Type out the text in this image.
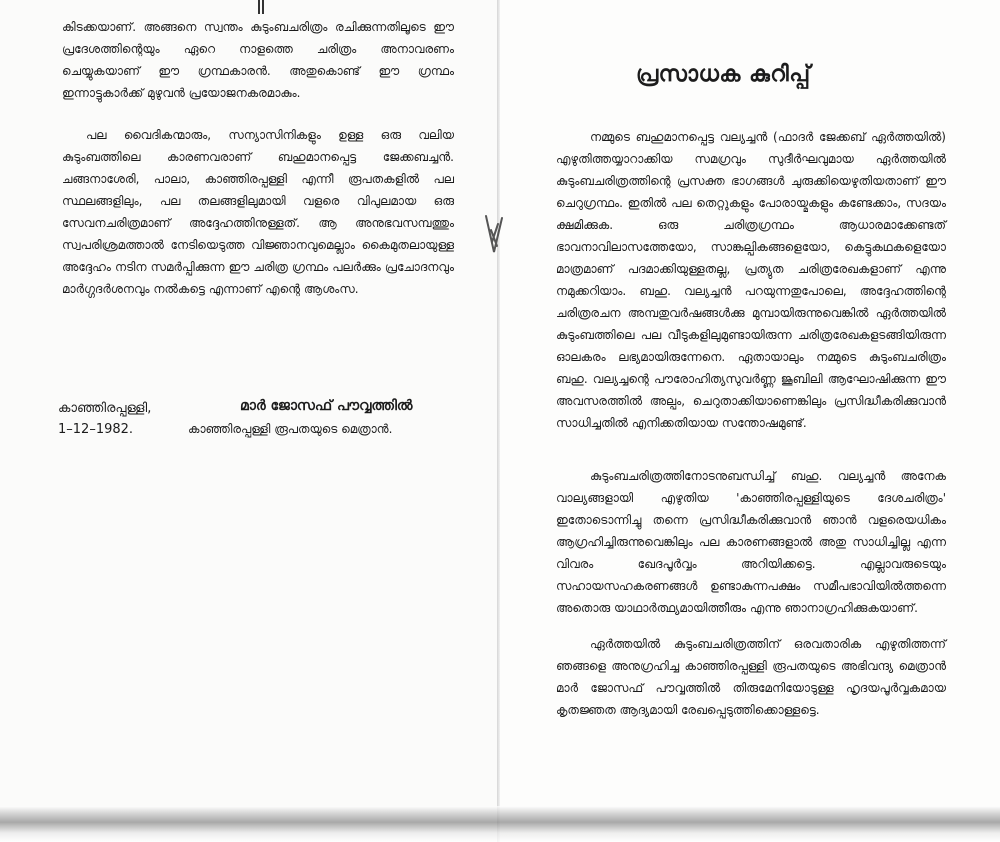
കിടക്കയാണ്. അങ്ങനെ സ്വന്തം കുടുംബചരിത്രം രചിക്കുന്നതിലൂടെ ഈ പ്രദേശത്തിന്റെയും ഏറെ നാളത്തെ ചരിത്രം അനാവരണം ചെയ്യുകയാണ് ഈ ഗ്രന്ഥകാരൻ. അതുകൊണ്ട് ഈ ഗ്രന്ഥം ഇന്നാട്ടുകാർക്ക് മുഴുവൻ പ്രയോജനകരമാകും.

പല വൈദികന്മാരും, സന്യാസിനികളും ഉള്ള ഒരു വലിയ കുടുംബത്തിലെ കാരണവരാണ് ബഹുമാനപ്പെട്ട ജേക്കബച്ചൻ. ചങ്ങനാശേരി, പാലാ, കാഞ്ഞിരപ്പള്ളി എന്നീ രൂപതകളിൽ പല സ്ഥലങ്ങളിലും, പല തലങ്ങളിലുമായി വളരെ വിപുലമായ ഒരു സേവനചരിത്രമാണ് അദ്ദേഹത്തിനുള്ളത്. ആ അനുഭവസമ്പത്തും സ്വപരിശ്രമത്താൽ നേടിയെടുത്ത വിജ്ഞാനവുമെല്ലാം കൈമുതലായുള്ള അദ്ദേഹം നടിന സമർപ്പിക്കുന്ന ഈ ചരിത്ര ഗ്രന്ഥം പലർക്കും പ്രചോദനവും മാർഗ്ഗദർശനവും നൽകട്ടെ എന്നാണ് എന്റെ ആശംസ.

കാഞ്ഞിരപ്പള്ളി,
1–12–1982.
മാർ ജോസഫ് പൗവ്വത്തിൽ
കാഞ്ഞിരപ്പള്ളി രൂപതയുടെ മെത്രാൻ.
പ്രസാധക കുറിപ്പ്

നമ്മുടെ ബഹുമാനപ്പെട്ട വല്യച്ചൻ (ഫാദർ ജേക്കബ് ഏർത്തയിൽ) എഴുതിത്തയ്യാറാക്കിയ സമഗ്രവും സുദീർഘവുമായ ഏർത്തയിൽ കുടുംബചരിത്രത്തിന്റെ പ്രസക്ത ഭാഗങ്ങൾ ചുരുക്കിയെഴുതിയതാണ് ഈ ചെറുഗ്രന്ഥം. ഇതിൽ പല തെറ്റുകളും പോരായ്മകളും കണ്ടേക്കാം, സദയം ക്ഷമിക്കുക. ഒരു ചരിത്രഗ്രന്ഥം ആധാരമാക്കേണ്ടത് ഭാവനാവിലാസത്തേയോ, സാങ്കല്പികങ്ങളെയോ, കെട്ടുകഥകളെയോ മാത്രമാണ് പദമാക്കിയുള്ളതല്ല, പ്രത്യുത ചരിത്രരേഖകളാണ് എന്നു നമുക്കറിയാം. ബഹു. വല്യച്ചൻ പറയുന്നതുപോലെ, അദ്ദേഹത്തിന്റെ ചരിത്രരചന അമ്പതുവർഷങ്ങൾക്കു മുമ്പായിരുന്നുവെങ്കിൽ ഏർത്തയിൽ കുടുംബത്തിലെ പല വീടുകളിലുമുണ്ടായിരുന്ന ചരിത്രരേഖകളടങ്ങിയിരുന്ന ഓലകരം ലഭ്യമായിരുന്നേനെ. ഏതായാലും നമ്മുടെ കുടുംബചരിത്രം ബഹു. വല്യച്ചന്റെ പൗരോഹിത്യസുവർണ്ണ ജൂബിലി ആഘോഷിക്കുന്ന ഈ അവസരത്തിൽ അല്പം, ചെറുതാക്കിയാണെങ്കിലും പ്രസിദ്ധീകരിക്കുവാൻ സാധിച്ചതിൽ എനിക്കതിയായ സന്തോഷമുണ്ട്.

കുടുംബചരിത്രത്തിനോടനുബന്ധിച്ച് ബഹു. വല്യച്ചൻ അനേക വാല്യങ്ങളായി എഴുതിയ 'കാഞ്ഞിരപ്പള്ളിയുടെ ദേശചരിത്രം' ഇതോടൊന്നിച്ചു തന്നെ പ്രസിദ്ധീകരിക്കുവാൻ ഞാൻ വളരെയധികം ആഗ്രഹിച്ചിരുന്നുവെങ്കിലും പല കാരണങ്ങളാൽ അതു സാധിച്ചില്ല എന്ന വിവരം ഖേദപൂർവ്വം അറിയിക്കട്ടെ. എല്ലാവരുടെയും സഹായസഹകരണങ്ങൾ ഉണ്ടാകുന്നപക്ഷം സമീപഭാവിയിൽത്തന്നെ അതൊരു യാഥാർത്ഥ്യമായിത്തീരും എന്നു ഞാനാഗ്രഹിക്കുകയാണ്.

ഏർത്തയിൽ കുടുംബചരിത്രത്തിന് ഒരവതാരിക എഴുതിത്തന്ന് ഞങ്ങളെ അനുഗ്രഹിച്ച കാഞ്ഞിരപ്പള്ളി രൂപതയുടെ അഭിവന്ദ്യ മെത്രാൻ മാർ ജോസഫ് പൗവ്വത്തിൽ തിരുമേനിയോടുള്ള ഹൃദയപൂർവ്വകമായ കൃതജ്ഞത ആദ്യമായി രേഖപ്പെടുത്തിക്കൊള്ളട്ടെ.
